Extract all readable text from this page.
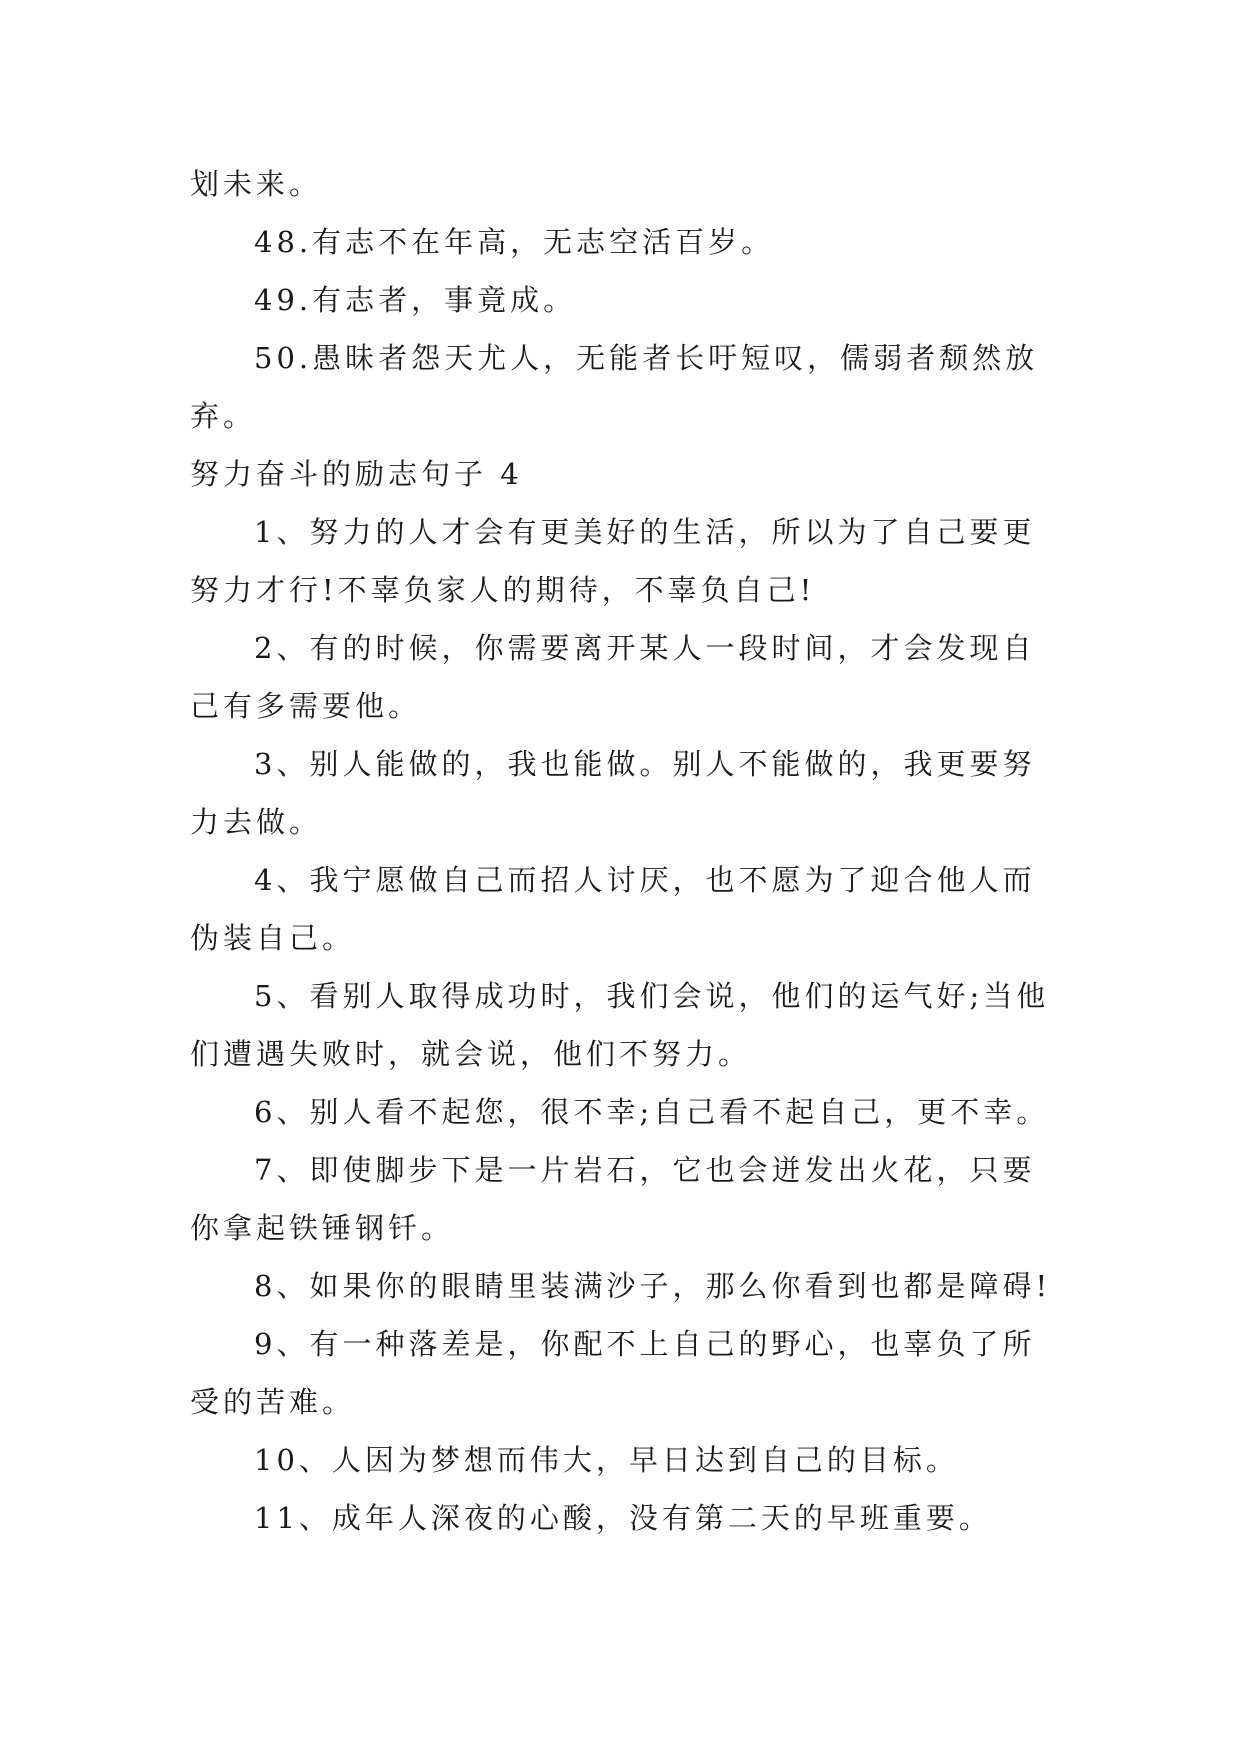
划未来。
48.有志不在年高，无志空活百岁。
49.有志者，事竟成。
50.愚昧者怨天尤人，无能者长吁短叹，儒弱者颓然放
弃。
努力奋斗的励志句子 4
1、努力的人才会有更美好的生活，所以为了自己要更
努力才行!不辜负家人的期待，不辜负自己!
2、有的时候，你需要离开某人一段时间，才会发现自
己有多需要他。
3、别人能做的，我也能做。别人不能做的，我更要努
力去做。
4、我宁愿做自己而招人讨厌，也不愿为了迎合他人而
伪装自己。
5、看别人取得成功时，我们会说，他们的运气好;当他
们遭遇失败时，就会说，他们不努力。
6、别人看不起您，很不幸;自己看不起自己，更不幸。
7、即使脚步下是一片岩石，它也会迸发出火花，只要
你拿起铁锤钢钎。
8、如果你的眼睛里装满沙子，那么你看到也都是障碍!
9、有一种落差是，你配不上自己的野心，也辜负了所
受的苦难。
10、人因为梦想而伟大，早日达到自己的目标。
11、成年人深夜的心酸，没有第二天的早班重要。
